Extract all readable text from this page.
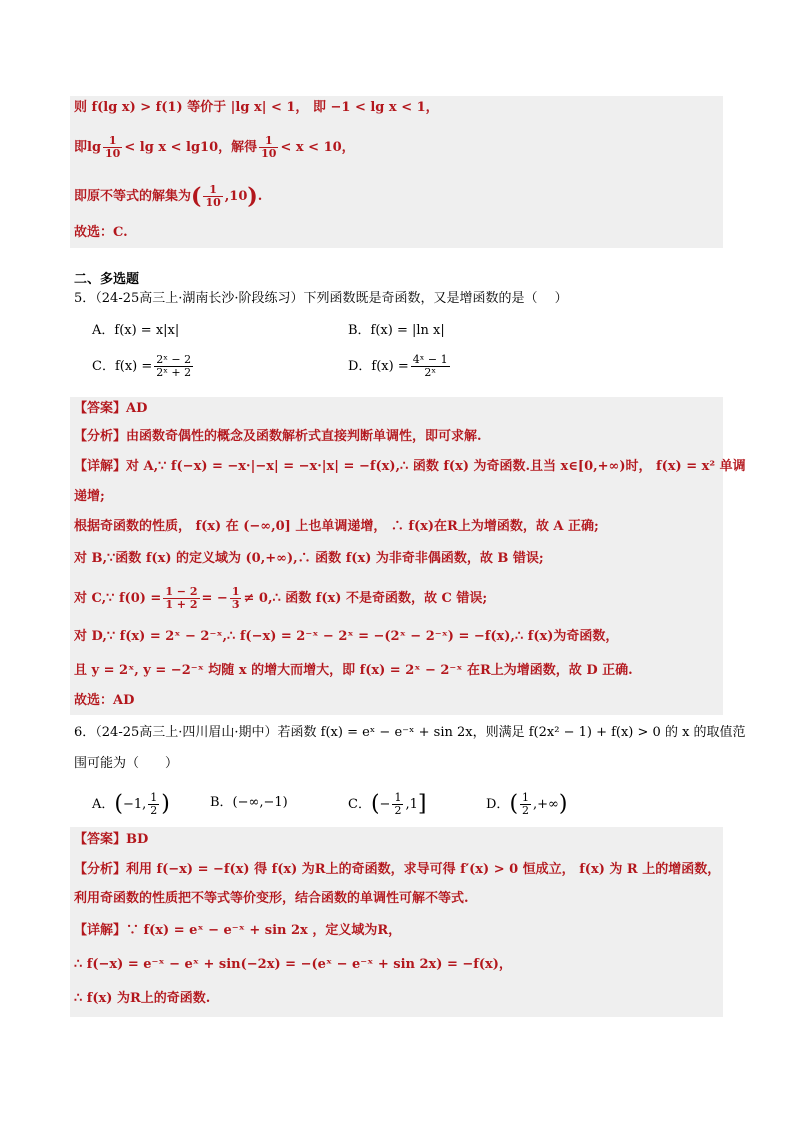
则 f(lg x) > f(1) 等价于 |lg x| < 1， 即 −1 < lg x < 1，
即$\lg \frac{1}{10} < \lg x < \lg 10$，解得 $\frac{1}{10} < x < 10$，
即原不等式的解集为( $\frac{1}{10} ,10$).
故选：C.
二、多选题
5．（24-25高三上·湖南长沙·阶段练习）下列函数既是奇函数，又是增函数的是（　 ）
A．f(x) = x|x|	B．f(x) = |ln x|
C．$f(x) = \frac{\text{2ˣ − 2}}{\text{2ˣ + 2}}$	D．$f(x) = \frac{\text{4ˣ − 1}}{\text{2ˣ}}$
【答案】AD
【分析】由函数奇偶性的概念及函数解析式直接判断单调性，即可求解.
【详解】对 A,∵ f(−x) = −x·|−x| = −x·|x| = −f(x),∴ 函数 f(x) 为奇函数.且当 x∈[0,+∞)时， f(x) = x² 单调
递增;
根据奇函数的性质， f(x) 在 (−∞,0] 上也单调递增， ∴ f(x)在R上为增函数，故 A 正确;
对 B,∵函数 f(x) 的定义域为 (0,+∞),∴ 函数 f(x) 为非奇非偶函数，故 B 错误;
对 C,∵ $f(0) = \frac{1 - 2}{1 + 2}$ = − $\frac{1}{3}$ ≠ 0,∴ 函数 f(x) 不是奇函数，故 C 错误;
对 D,∵ f(x) = 2ˣ − 2⁻ˣ,∴ f(−x) = 2⁻ˣ − 2ˣ = −(2ˣ − 2⁻ˣ) = −f(x),∴ f(x)为奇函数，
且 y = 2ˣ, y = −2⁻ˣ 均随 x 的增大而增大，即 f(x) = 2ˣ − 2⁻ˣ 在R上为增函数，故 D 正确.
故选：AD
6．（24-25高三上·四川眉山·期中）若函数 f(x) = eˣ − e⁻ˣ + sin 2x，则满足 f(2x² − 1) + f(x) > 0 的 x 的取值范
围可能为（　　）
A．(−1, $\frac{1}{2}$ )	B．(−∞,−1)	C．(− $\frac{1}{2} ,1$]	D．( $\frac{1}{2}$ ,+∞)
【答案】BD
【分析】利用 f(−x) = −f(x) 得 f(x) 为R上的奇函数，求导可得 f′(x) > 0 恒成立， f(x) 为 R 上的增函数，
利用奇函数的性质把不等式等价变形，结合函数的单调性可解不等式.
【详解】∵ f(x) = eˣ − e⁻ˣ + sin 2x ，定义域为R，
∴ f(−x) = e⁻ˣ − eˣ + sin(−2x) = −(eˣ − e⁻ˣ + sin 2x) = −f(x)，
∴ f(x) 为R上的奇函数.
